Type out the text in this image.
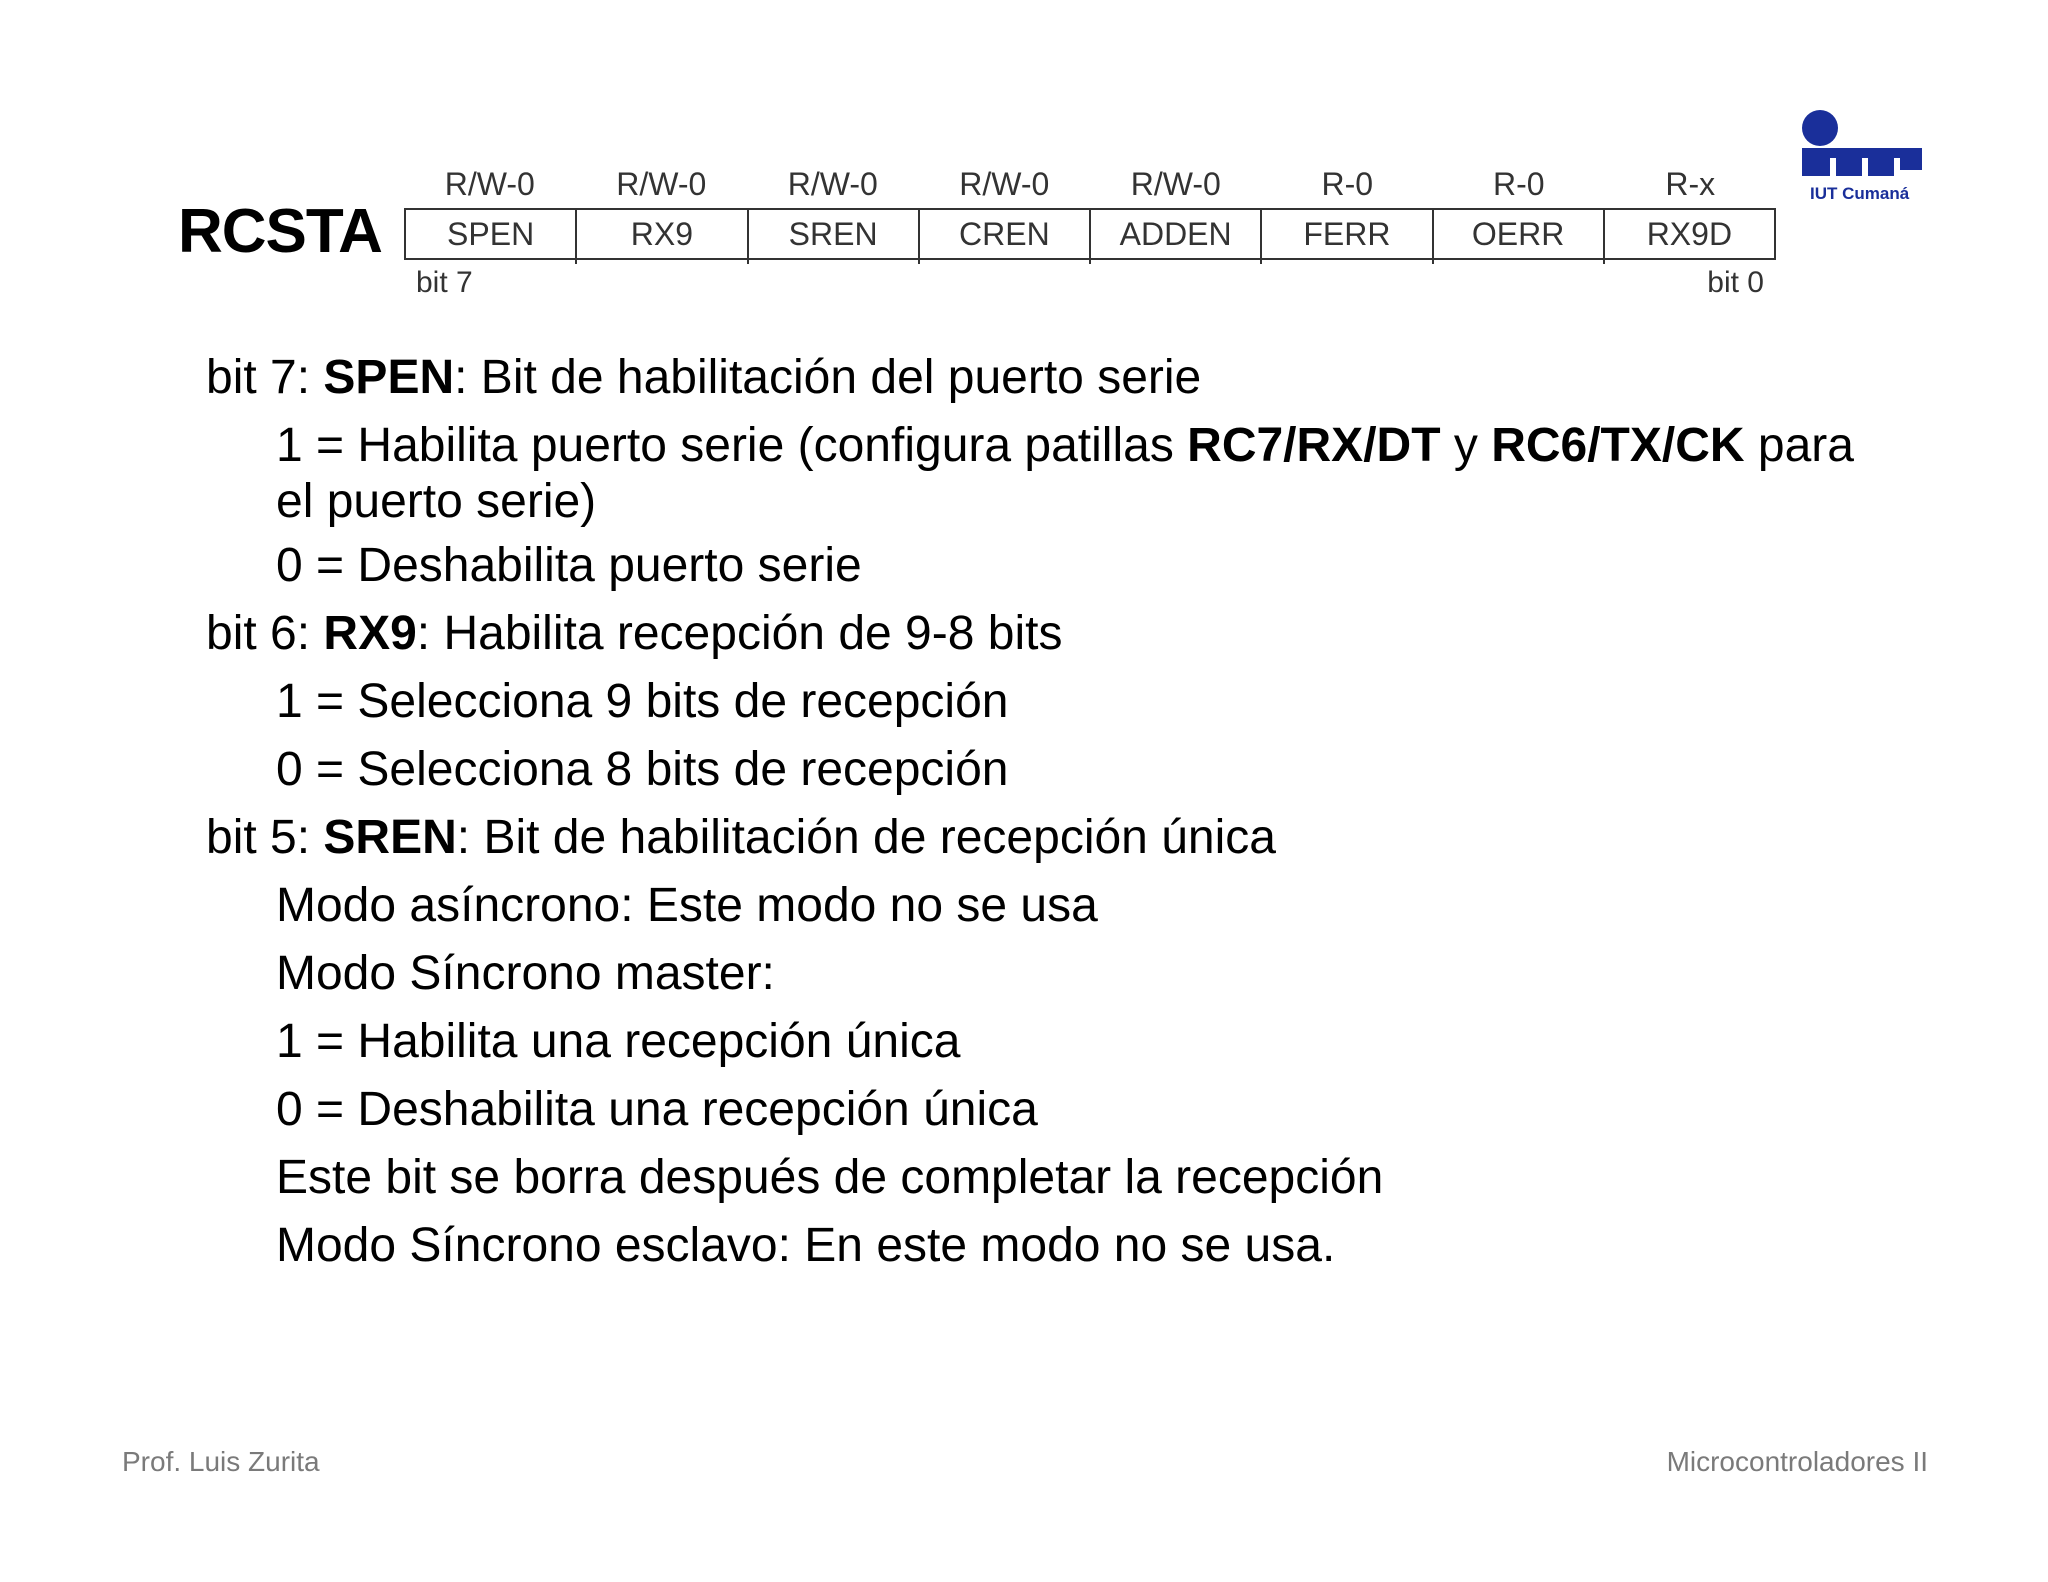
RCSTA
R/W-0	R/W-0	R/W-0	R/W-0	R/W-0	R-0	R-0	R-x
SPEN	RX9	SREN	CREN	ADDEN	FERR	OERR	RX9D
bit 7	bit 0
IUT Cumaná
bit 7: SPEN: Bit de habilitación del puerto serie
1 = Habilita puerto serie (configura patillas RC7/RX/DT y RC6/TX/CK para el puerto serie)
0 = Deshabilita puerto serie
bit 6: RX9: Habilita recepción de 9-8 bits
1 = Selecciona 9 bits de recepción
0 = Selecciona 8 bits de recepción
bit 5: SREN: Bit de habilitación de recepción única
Modo asíncrono: Este modo no se usa
Modo Síncrono master:
1 = Habilita una recepción única
0 = Deshabilita una recepción única
Este bit se borra después de completar la recepción
Modo Síncrono esclavo: En este modo no se usa.
Prof. Luis Zurita	Microcontroladores II
